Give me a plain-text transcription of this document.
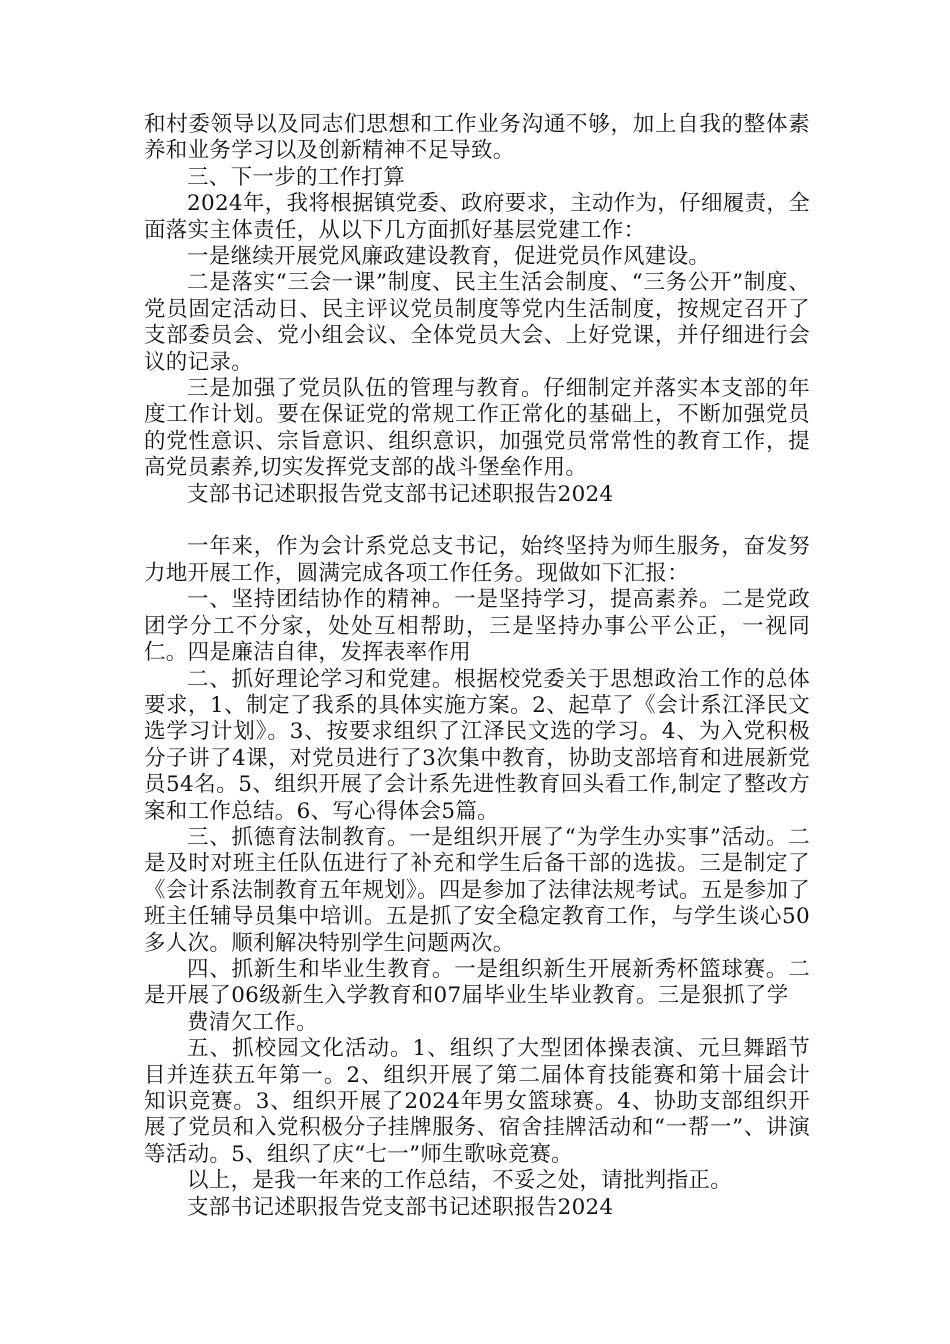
和村委领导以及同志们思想和工作业务沟通不够，加上自我的整体素养和业务学习以及创新精神不足导致。

三、下一步的工作打算

2024年，我将根据镇党委、政府要求，主动作为，仔细履责，全面落实主体责任，从以下几方面抓好基层党建工作：

一是继续开展党风廉政建设教育，促进党员作风建设。

二是落实“三会一课”制度、民主生活会制度、“三务公开”制度、党员固定活动日、民主评议党员制度等党内生活制度，按规定召开了支部委员会、党小组会议、全体党员大会、上好党课，并仔细进行会议的记录。

三是加强了党员队伍的管理与教育。仔细制定并落实本支部的年度工作计划。要在保证党的常规工作正常化的基础上，不断加强党员的党性意识、宗旨意识、组织意识，加强党员常常性的教育工作，提高党员素养,切实发挥党支部的战斗堡垒作用。

支部书记述职报告党支部书记述职报告2024

一年来，作为会计系党总支书记，始终坚持为师生服务，奋发努力地开展工作，圆满完成各项工作任务。现做如下汇报：

一、坚持团结协作的精神。一是坚持学习，提高素养。二是党政团学分工不分家，处处互相帮助，三是坚持办事公平公正，一视同仁。四是廉洁自律，发挥表率作用

二、抓好理论学习和党建。根据校党委关于思想政治工作的总体要求，1、制定了我系的具体实施方案。2、起草了《会计系江泽民文选学习计划》。3、按要求组织了江泽民文选的学习。4、为入党积极分子讲了4课，对党员进行了3次集中教育，协助支部培育和进展新党员54名。5、组织开展了会计系先进性教育回头看工作,制定了整改方案和工作总结。6、写心得体会5篇。

三、抓德育法制教育。一是组织开展了“为学生办实事”活动。二是及时对班主任队伍进行了补充和学生后备干部的选拔。三是制定了《会计系法制教育五年规划》。四是参加了法律法规考试。五是参加了班主任辅导员集中培训。五是抓了安全稳定教育工作，与学生谈心50多人次。顺利解决特别学生问题两次。

四、抓新生和毕业生教育。一是组织新生开展新秀杯篮球赛。二是开展了06级新生入学教育和07届毕业生毕业教育。三是狠抓了学

费清欠工作。

五、抓校园文化活动。1、组织了大型团体操表演、元旦舞蹈节目并连获五年第一。2、组织开展了第二届体育技能赛和第十届会计知识竞赛。3、组织开展了2024年男女篮球赛。4、协助支部组织开展了党员和入党积极分子挂牌服务、宿舍挂牌活动和“一帮一”、讲演等活动。5、组织了庆“七一”师生歌咏竞赛。

以上，是我一年来的工作总结，不妥之处，请批判指正。

支部书记述职报告党支部书记述职报告2024
